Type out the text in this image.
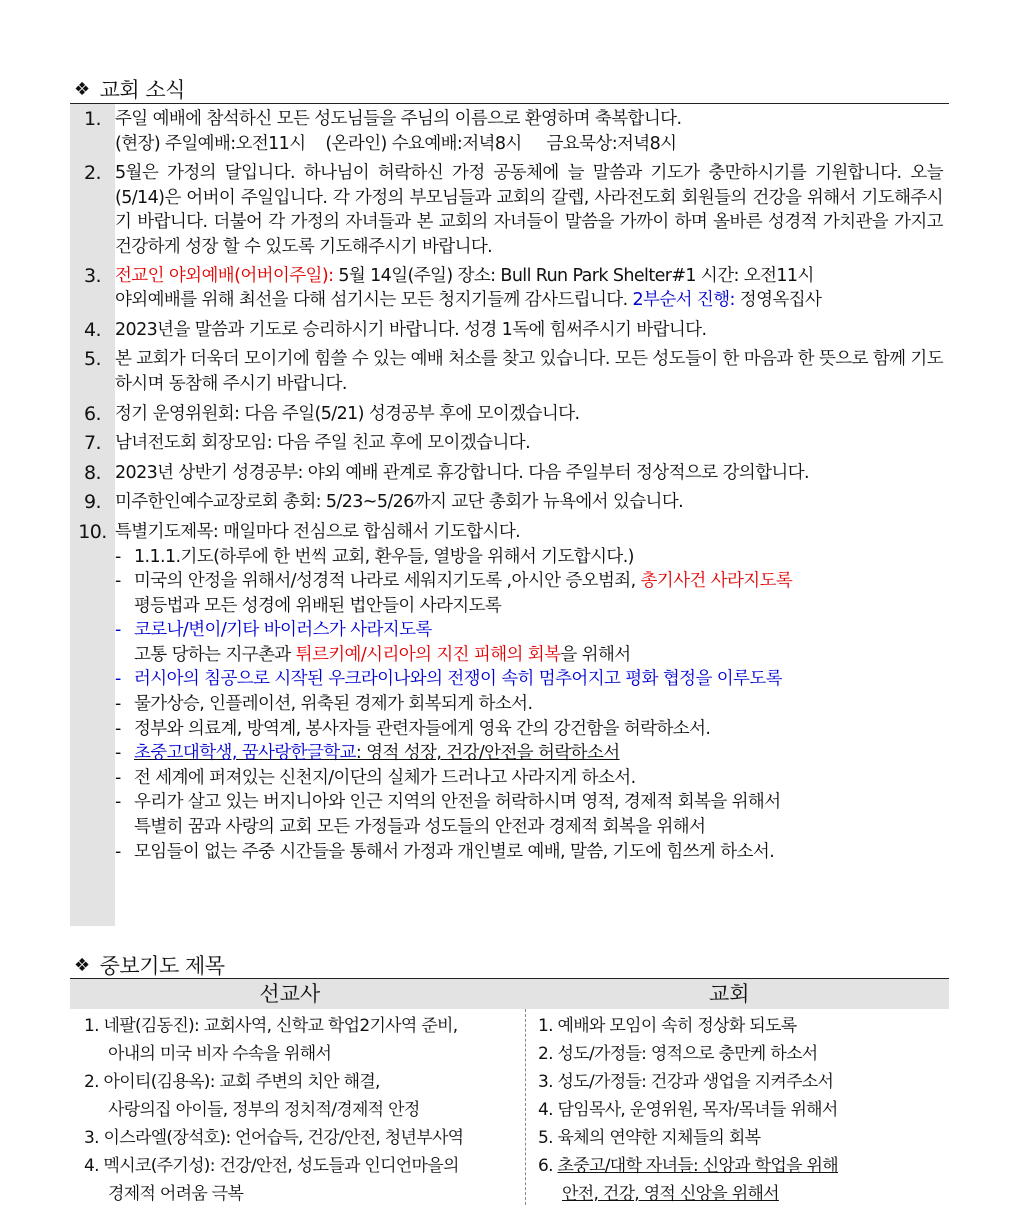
❖ 교회 소식
1. 주일 예배에 참석하신 모든 성도님들을 주님의 이름으로 환영하며 축복합니다.

(현장) 주일예배:오전11시    (온라인) 수요예배:저녁8시     금요묵상:저녁8시

2. 5월은 가정의 달입니다. 하나님이 허락하신 가정 공동체에 늘 말씀과 기도가 충만하시기를 기원합니다. 오늘(5/14)은 어버이 주일입니다. 각 가정의 부모님들과 교회의 갈렙, 사라전도회 회원들의 건강을 위해서 기도해주시기 바랍니다. 더불어 각 가정의 자녀들과 본 교회의 자녀들이 말씀을 가까이 하며 올바른 성경적 가치관을 가지고 건강하게 성장 할 수 있도록 기도해주시기 바랍니다.

3. 전교인 야외예배(어버이주일): 5월 14일(주일) 장소: Bull Run Park Shelter#1 시간: 오전11시

야외예배를 위해 최선을 다해 섬기시는 모든 청지기들께 감사드립니다. 2부순서 진행: 정영옥집사

4. 2023년을 말씀과 기도로 승리하시기 바랍니다. 성경 1독에 힘써주시기 바랍니다.

5. 본 교회가 더욱더 모이기에 힘쓸 수 있는 예배 처소를 찾고 있습니다. 모든 성도들이 한 마음과 한 뜻으로 함께 기도하시며 동참해 주시기 바랍니다.

6. 정기 운영위원회: 다음 주일(5/21) 성경공부 후에 모이겠습니다.

7. 남녀전도회 회장모임: 다음 주일 친교 후에 모이겠습니다.

8. 2023년 상반기 성경공부: 야외 예배 관계로 휴강합니다. 다음 주일부터 정상적으로 강의합니다.

9. 미주한인예수교장로회 총회: 5/23~5/26까지 교단 총회가 뉴욕에서 있습니다.

10. 특별기도제목: 매일마다 전심으로 합심해서 기도합시다.

- 1.1.1.기도(하루에 한 번씩 교회, 환우들, 열방을 위해서 기도합시다.)

- 미국의 안정을 위해서/성경적 나라로 세워지기도록 ,아시안 증오범죄, 총기사건 사라지도록

평등법과 모든 성경에 위배된 법안들이 사라지도록

- 코로나/변이/기타 바이러스가 사라지도록

고통 당하는 지구촌과 튀르키예/시리아의 지진 피해의 회복을 위해서

- 러시아의 침공으로 시작된 우크라이나와의 전쟁이 속히 멈추어지고 평화 협정을 이루도록

- 물가상승, 인플레이션, 위축된 경제가 회복되게 하소서.

- 정부와 의료계, 방역계, 봉사자들 관련자들에게 영육 간의 강건함을 허락하소서.

- 초중고대학생, 꿈사랑한글학교: 영적 성장, 건강/안전을 허락하소서

- 전 세계에 퍼져있는 신천지/이단의 실체가 드러나고 사라지게 하소서.

- 우리가 살고 있는 버지니아와 인근 지역의 안전을 허락하시며 영적, 경제적 회복을 위해서

특별히 꿈과 사랑의 교회 모든 가정들과 성도들의 안전과 경제적 회복을 위해서

- 모임들이 없는 주중 시간들을 통해서 가정과 개인별로 예배, 말씀, 기도에 힘쓰게 하소서.

❖ 중보기도 제목
선교사	교회
1. 네팔(김동진): 교회사역, 신학교 학업2기사역 준비,
아내의 미국 비자 수속을 위해서
2. 아이티(김용옥): 교회 주변의 치안 해결,
사랑의집 아이들, 정부의 정치적/경제적 안정
3. 이스라엘(장석호): 언어습득, 건강/안전, 청년부사역
4. 멕시코(주기성): 건강/안전, 성도들과 인디언마을의
경제적 어려움 극복
1. 예배와 모임이 속히 정상화 되도록
2. 성도/가정들: 영적으로 충만케 하소서
3. 성도/가정들: 건강과 생업을 지켜주소서
4. 담임목사, 운영위원, 목자/목녀들 위해서
5. 육체의 연약한 지체들의 회복
6. 초중고/대학 자녀들: 신앙과 학업을 위해
안전, 건강, 영적 신앙을 위해서
